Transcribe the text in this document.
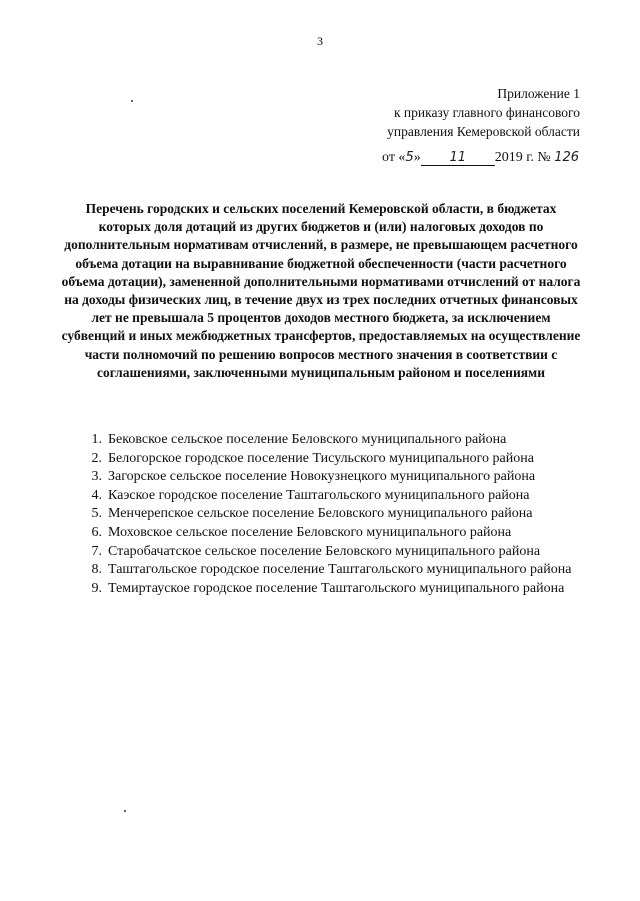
3
Приложение 1
к приказу главного финансового
управления Кемеровской области
от «5» 11 2019 г. № 126
Перечень городских и сельских поселений Кемеровской области, в бюджетах которых доля дотаций из других бюджетов и (или) налоговых доходов по дополнительным нормативам отчислений, в размере, не превышающем расчетного объема дотации на выравнивание бюджетной обеспеченности (части расчетного объема дотации), замененной дополнительными нормативами отчислений от налога на доходы физических лиц, в течение двух из трех последних отчетных финансовых лет не превышала 5 процентов доходов местного бюджета, за исключением субвенций и иных межбюджетных трансфертов, предоставляемых на осуществление части полномочий по решению вопросов местного значения в соответствии с соглашениями, заключенными муниципальным районом и поселениями
1. Бековское сельское поселение Беловского муниципального района
2. Белогорское городское поселение Тисульского муниципального района
3. Загорское сельское поселение Новокузнецкого муниципального района
4. Каэское городское поселение Таштагольского муниципального района
5. Менчерепское сельское поселение Беловского муниципального района
6. Моховское сельское поселение Беловского муниципального района
7. Старобачатское сельское поселение Беловского муниципального района
8. Таштагольское городское поселение Таштагольского муниципального района
9. Темиртауское городское поселение Таштагольского муниципального района
